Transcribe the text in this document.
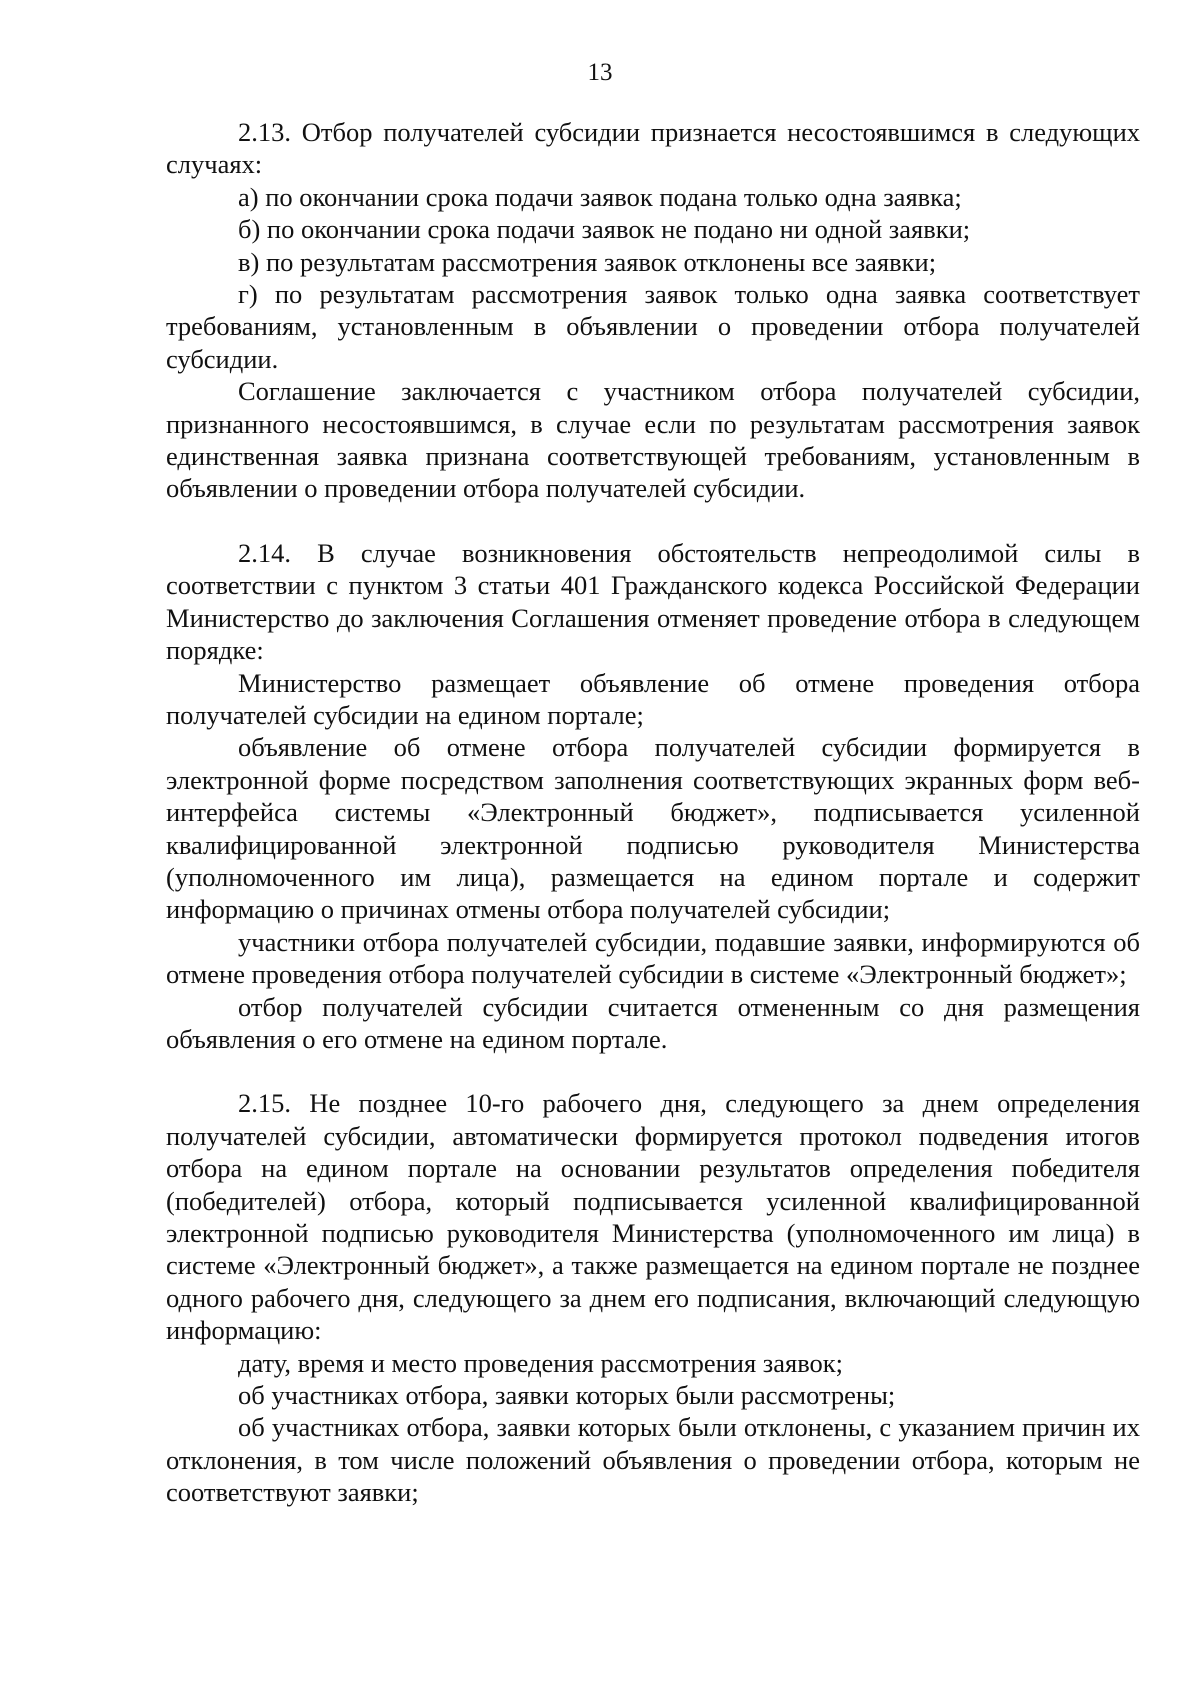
13

2.13. Отбор получателей субсидии признается несостоявшимся в следующих случаях:

а) по окончании срока подачи заявок подана только одна заявка;

б) по окончании срока подачи заявок не подано ни одной заявки;

в) по результатам рассмотрения заявок отклонены все заявки;

г) по результатам рассмотрения заявок только одна заявка соответствует требованиям, установленным в объявлении о проведении отбора получателей субсидии.

Соглашение заключается с участником отбора получателей субсидии, признанного несостоявшимся, в случае если по результатам рассмотрения заявок единственная заявка признана соответствующей требованиям, установленным в объявлении о проведении отбора получателей субсидии.

2.14. В случае возникновения обстоятельств непреодолимой силы в соответствии с пунктом 3 статьи 401 Гражданского кодекса Российской Федерации Министерство до заключения Соглашения отменяет проведение отбора в следующем порядке:

Министерство размещает объявление об отмене проведения отбора получателей субсидии на едином портале;

объявление об отмене отбора получателей субсидии формируется в электронной форме посредством заполнения соответствующих экранных форм веб-интерфейса системы «Электронный бюджет», подписывается усиленной квалифицированной электронной подписью руководителя Министерства (уполномоченного им лица), размещается на едином портале и содержит информацию о причинах отмены отбора получателей субсидии;

участники отбора получателей субсидии, подавшие заявки, информируются об отмене проведения отбора получателей субсидии в системе «Электронный бюджет»;

отбор получателей субсидии считается отмененным со дня размещения объявления о его отмене на едином портале.

2.15. Не позднее 10-го рабочего дня, следующего за днем определения получателей субсидии, автоматически формируется протокол подведения итогов отбора на едином портале на основании результатов определения победителя (победителей) отбора, который подписывается усиленной квалифицированной электронной подписью руководителя Министерства (уполномоченного им лица) в системе «Электронный бюджет», а также размещается на едином портале не позднее одного рабочего дня, следующего за днем его подписания, включающий следующую информацию:

дату, время и место проведения рассмотрения заявок;

об участниках отбора, заявки которых были рассмотрены;

об участниках отбора, заявки которых были отклонены, с указанием причин их отклонения, в том числе положений объявления о проведении отбора, которым не соответствуют заявки;
